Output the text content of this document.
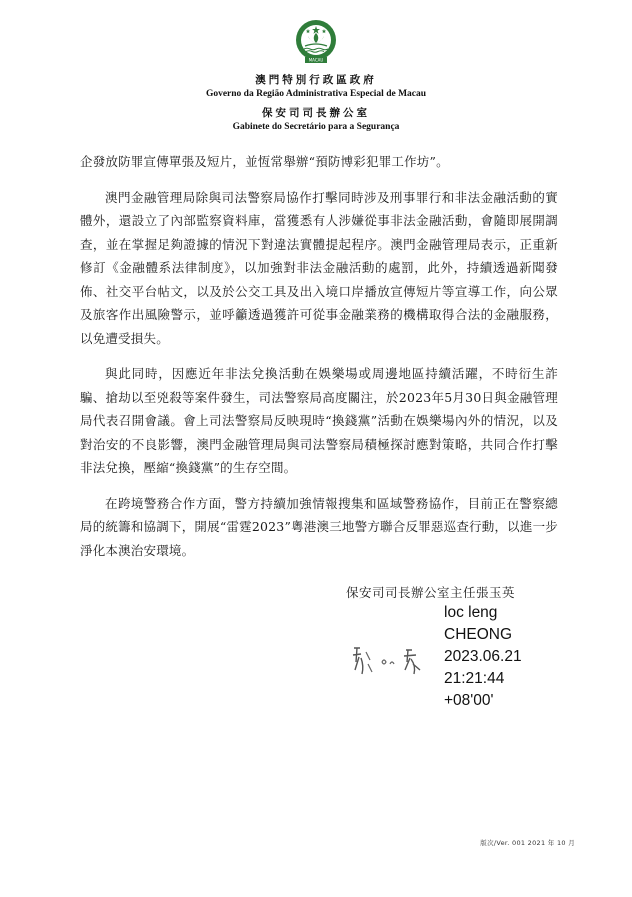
MACAU
澳門特別行政區政府
Governo da Região Administrativa Especial de Macau
保安司司長辦公室
Gabinete do Secretário para a Segurança

企發放防罪宣傳單張及短片，並恆常舉辦“預防博彩犯罪工作坊”。

澳門金融管理局除與司法警察局協作打擊同時涉及刑事罪行和非法金融活動的實體外，還設立了內部監察資料庫，當獲悉有人涉嫌從事非法金融活動，會隨即展開調查，並在掌握足夠證據的情況下對違法實體提起程序。澳門金融管理局表示，正重新修訂《金融體系法律制度》，以加強對非法金融活動的處罰，此外，持續透過新聞發佈、社交平台帖文，以及於公交工具及出入境口岸播放宣傳短片等宣導工作，向公眾及旅客作出風險警示，並呼籲透過獲許可從事金融業務的機構取得合法的金融服務，以免遭受損失。

與此同時，因應近年非法兌換活動在娛樂場或周邊地區持續活躍，不時衍生詐騙、搶劫以至兇殺等案件發生，司法警察局高度關注，於2023年5月30日與金融管理局代表召開會議。會上司法警察局反映現時“換錢黨”活動在娛樂場內外的情況，以及對治安的不良影響，澳門金融管理局與司法警察局積極探討應對策略，共同合作打擊非法兌換，壓縮“換錢黨”的生存空間。

在跨境警務合作方面，警方持續加強情報搜集和區域警務協作，目前正在警察總局的統籌和協調下，開展“雷霆2023”粵港澳三地警方聯合反罪惡巡查行動，以進一步淨化本澳治安環境。

保安司司長辦公室主任張玉英
loc leng
CHEONG
2023.06.21
21:21:44
+08'00'
版次/Ver. 001 2021 年 10 月
